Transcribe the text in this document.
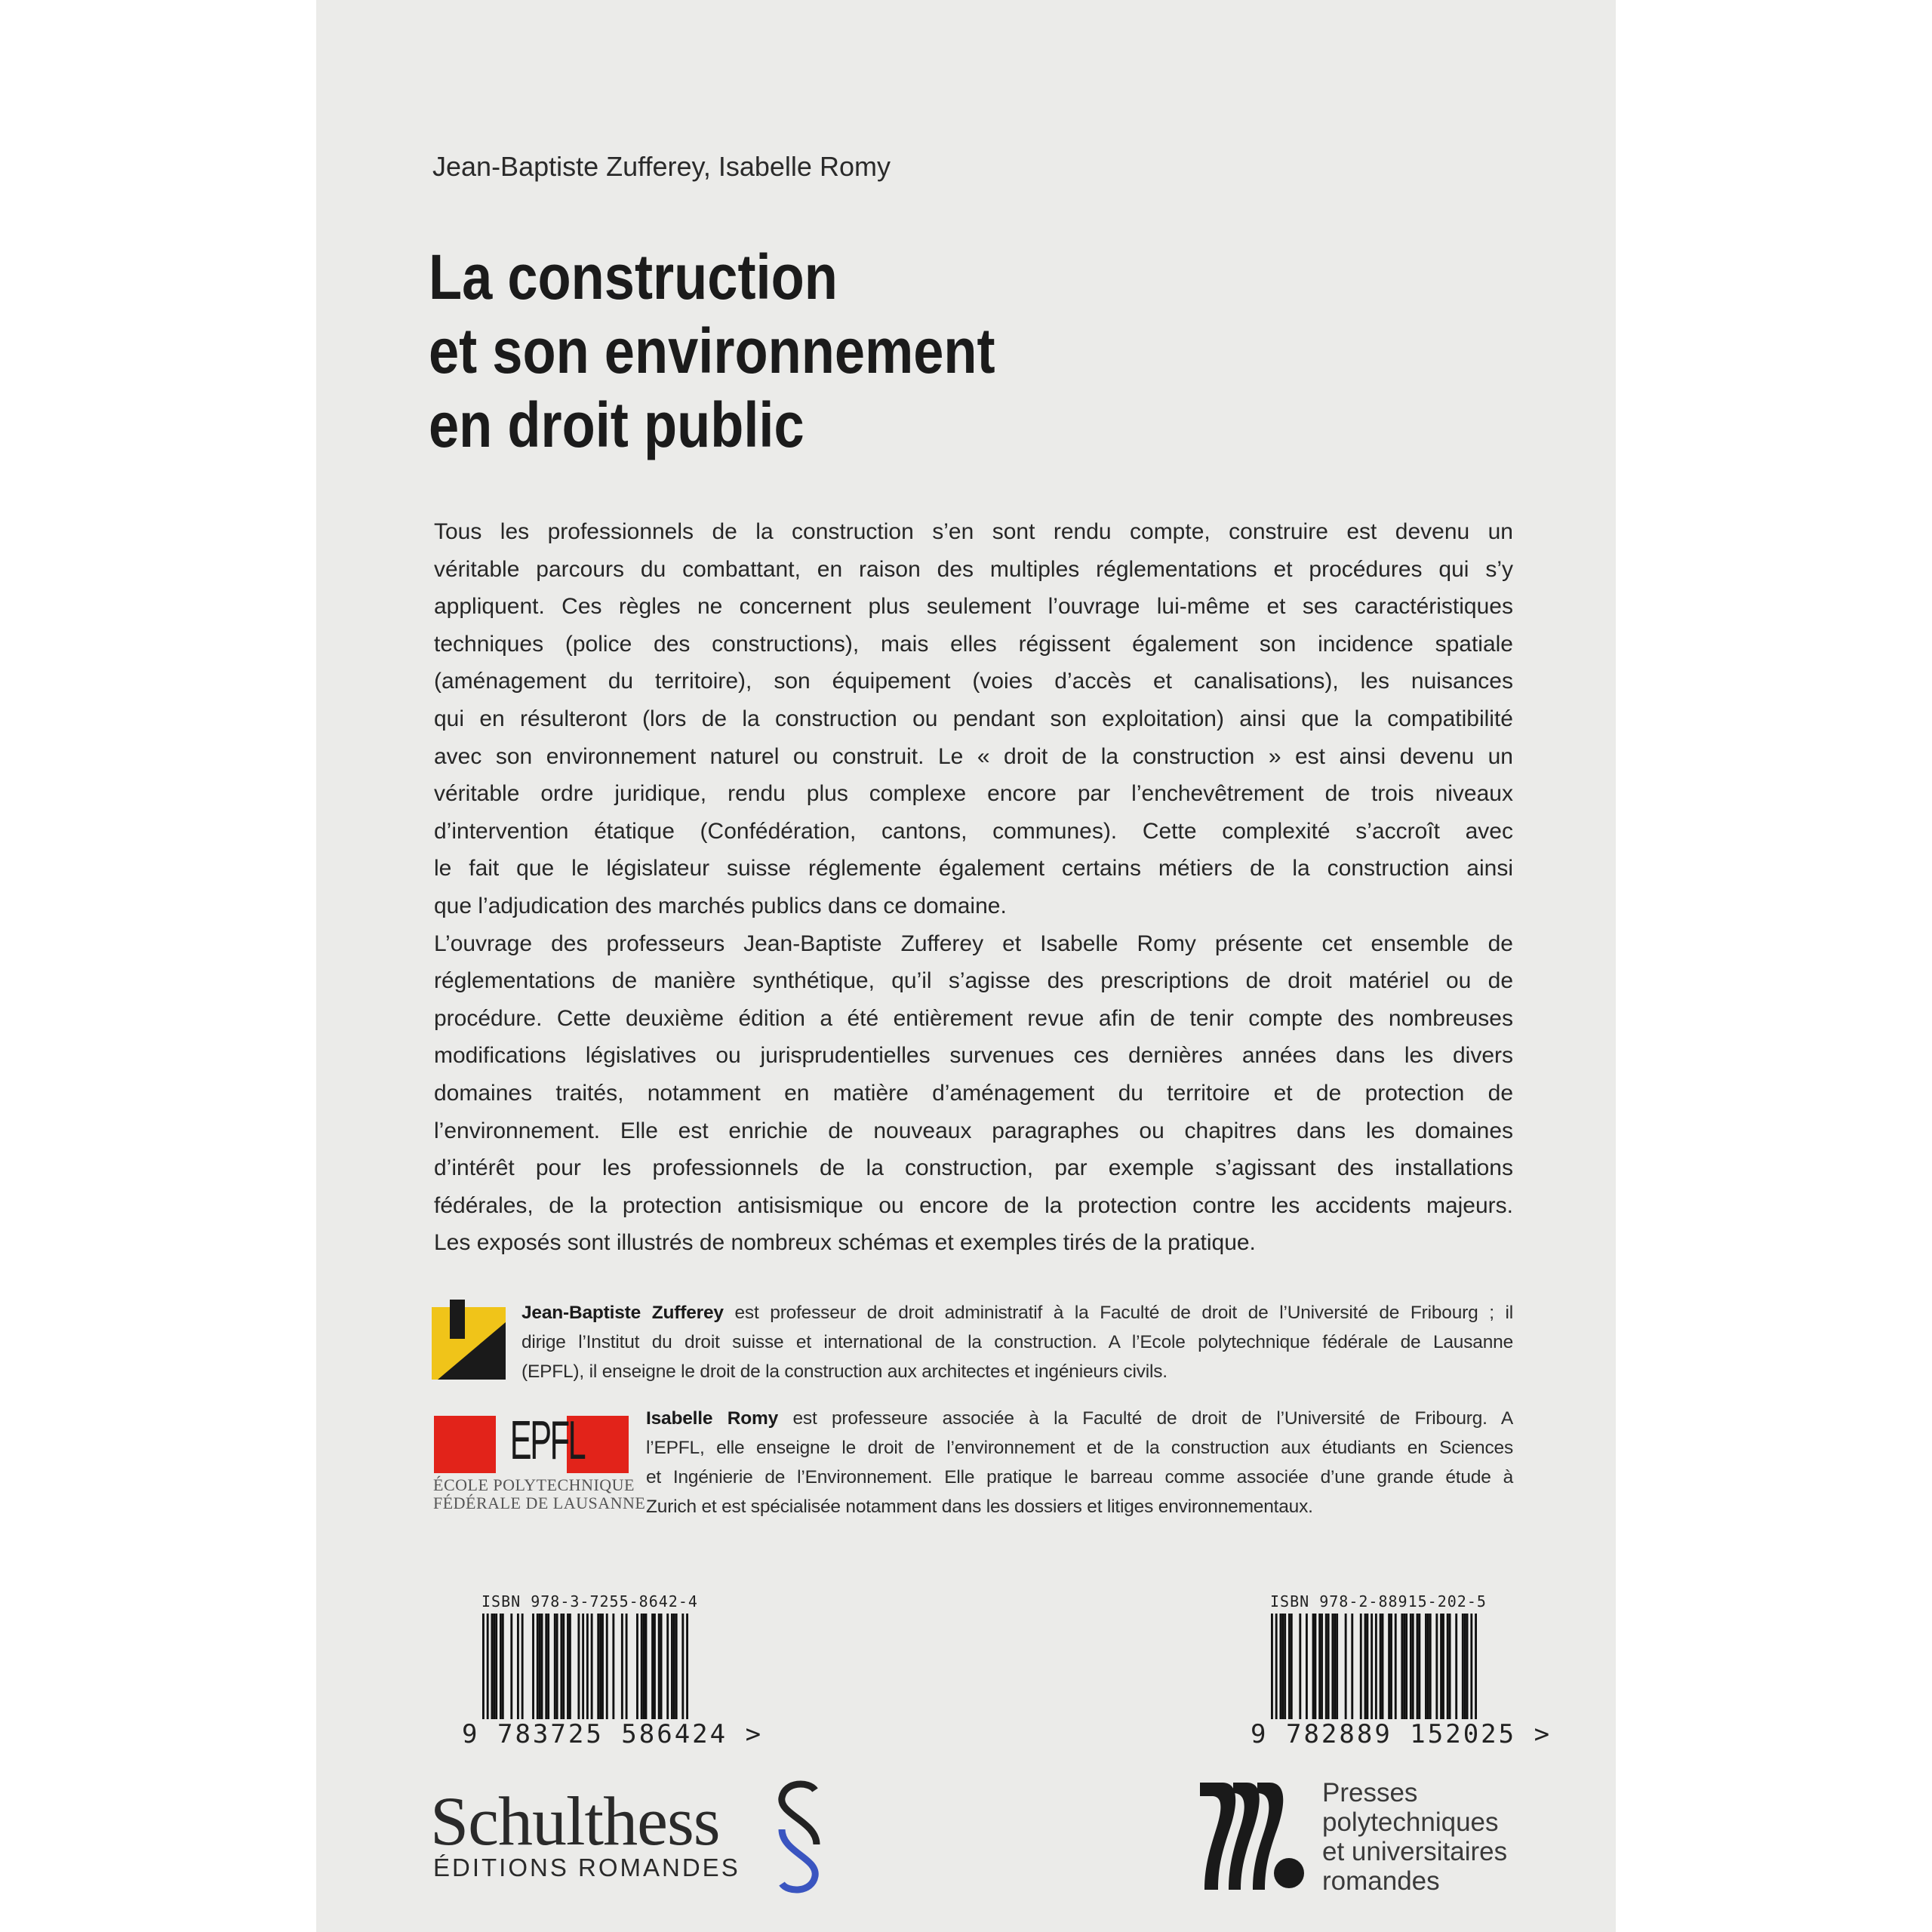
Jean-Baptiste Zufferey, Isabelle Romy
La construction
et son environnement
en droit public
Tous les professionnels de la construction s’en sont rendu compte, construire est devenu un
véritable parcours du combattant, en raison des multiples réglementations et procédures qui s’y
appliquent. Ces règles ne concernent plus seulement l’ouvrage lui-même et ses caractéristiques
techniques (police des constructions), mais elles régissent également son incidence spatiale
(aménagement du territoire), son équipement (voies d’accès et canalisations), les nuisances
qui en résulteront (lors de la construction ou pendant son exploitation) ainsi que la compatibilité
avec son environnement naturel ou construit. Le « droit de la construction » est ainsi devenu un
véritable ordre juridique, rendu plus complexe encore par l’enchevêtrement de trois niveaux
d’intervention étatique (Confédération, cantons, communes). Cette complexité s’accroît avec
le fait que le législateur suisse réglemente également certains métiers de la construction ainsi
que l’adjudication des marchés publics dans ce domaine.
L’ouvrage des professeurs Jean-Baptiste Zufferey et Isabelle Romy présente cet ensemble de
réglementations de manière synthétique, qu’il s’agisse des prescriptions de droit matériel ou de
procédure. Cette deuxième édition a été entièrement revue afin de tenir compte des nombreuses
modifications législatives ou jurisprudentielles survenues ces dernières années dans les divers
domaines traités, notamment en matière d’aménagement du territoire et de protection de
l’environnement. Elle est enrichie de nouveaux paragraphes ou chapitres dans les domaines
d’intérêt pour les professionnels de la construction, par exemple s’agissant des installations
fédérales, de la protection antisismique ou encore de la protection contre les accidents majeurs.
Les exposés sont illustrés de nombreux schémas et exemples tirés de la pratique.
Jean-Baptiste Zufferey est professeur de droit administratif à la Faculté de droit de l’Université de Fribourg ; il
dirige l’Institut du droit suisse et international de la construction. A l’Ecole polytechnique fédérale de Lausanne
(EPFL), il enseigne le droit de la construction aux architectes et ingénieurs civils.
EPFL
ÉCOLE POLYTECHNIQUE
FÉDÉRALE DE LAUSANNE
Isabelle Romy est professeure associée à la Faculté de droit de l’Université de Fribourg. A
l’EPFL, elle enseigne le droit de l’environnement et de la construction aux étudiants en Sciences
et Ingénierie de l’Environnement. Elle pratique le barreau comme associée d’une grande étude à
Zurich et est spécialisée notamment dans les dossiers et litiges environnementaux.
ISBN 978-3-7255-8642-4
9 783725 586424 >
ISBN 978-2-88915-202-5
9 782889 152025 >
Schulthess
ÉDITIONS ROMANDES
Presses
polytechniques
et universitaires
romandes
